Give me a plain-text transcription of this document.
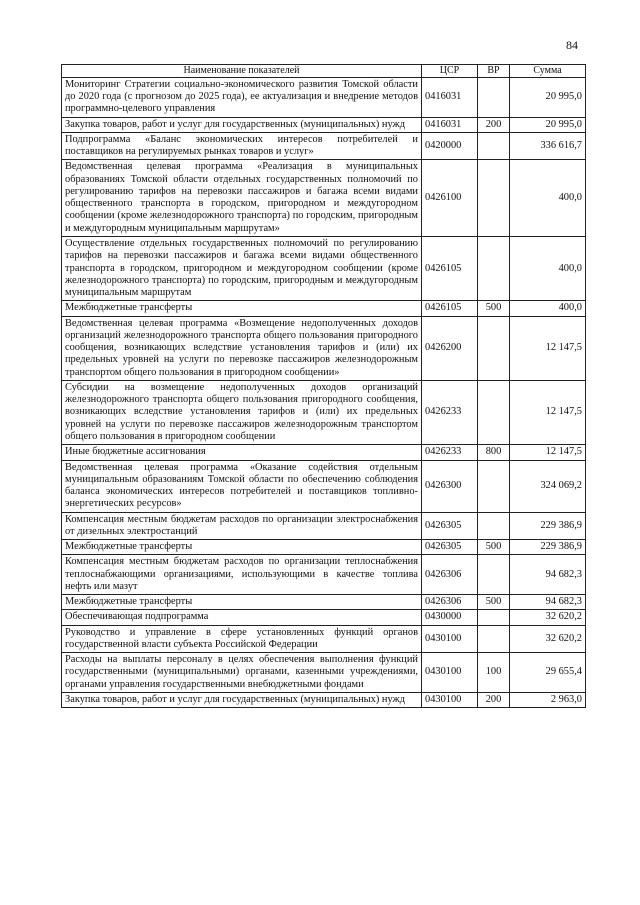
84
Наименование показателей	ЦСР	ВР	Сумма
Мониторинг Стратегии социально-экономического развития Томской области до 2020 года (с прогнозом до 2025 года), ее актуализация и внедрение методов программно-целевого управления	0416031		20 995,0
Закупка товаров, работ и услуг для государственных (муниципальных) нужд	0416031	200	20 995,0
Подпрограмма «Баланс экономических интересов потребителей и поставщиков на регулируемых рынках товаров и услуг»	0420000		336 616,7
Ведомственная целевая программа «Реализация в муниципальных образованиях Томской области отдельных государственных полномочий по регулированию тарифов на перевозки пассажиров и багажа всеми видами общественного транспорта в городском, пригородном и междугородном сообщении (кроме железнодорожного транспорта) по городским, пригородным и междугородным муниципальным маршрутам»	0426100		400,0
Осуществление отдельных государственных полномочий по регулированию тарифов на перевозки пассажиров и багажа всеми видами общественного транспорта в городском, пригородном и междугородном сообщении (кроме железнодорожного транспорта) по городским, пригородным и междугородным муниципальным маршрутам	0426105		400,0
Межбюджетные трансферты	0426105	500	400,0
Ведомственная целевая программа «Возмещение недополученных доходов организаций железнодорожного транспорта общего пользования пригородного сообщения, возникающих вследствие установления тарифов и (или) их предельных уровней на услуги по перевозке пассажиров железнодорожным транспортом общего пользования в пригородном сообщении»	0426200		12 147,5
Субсидии на возмещение недополученных доходов организаций железнодорожного транспорта общего пользования пригородного сообщения, возникающих вследствие установления тарифов и (или) их предельных уровней на услуги по перевозке пассажиров железнодорожным транспортом общего пользования в пригородном сообщении	0426233		12 147,5
Иные бюджетные ассигнования	0426233	800	12 147,5
Ведомственная целевая программа «Оказание содействия отдельным муниципальным образованиям Томской области по обеспечению соблюдения баланса экономических интересов потребителей и поставщиков топливно-энергетических ресурсов»	0426300		324 069,2
Компенсация местным бюджетам расходов по организации электроснабжения от дизельных электростанций	0426305		229 386,9
Межбюджетные трансферты	0426305	500	229 386,9
Компенсация местным бюджетам расходов по организации теплоснабжения теплоснабжающими организациями, использующими в качестве топлива нефть или мазут	0426306		94 682,3
Межбюджетные трансферты	0426306	500	94 682,3
Обеспечивающая подпрограмма	0430000		32 620,2
Руководство и управление в сфере установленных функций органов государственной власти субъекта Российской Федерации	0430100		32 620,2
Расходы на выплаты персоналу в целях обеспечения выполнения функций государственными (муниципальными) органами, казенными учреждениями, органами управления государственными внебюджетными фондами	0430100	100	29 655,4
Закупка товаров, работ и услуг для государственных (муниципальных) нужд	0430100	200	2 963,0
